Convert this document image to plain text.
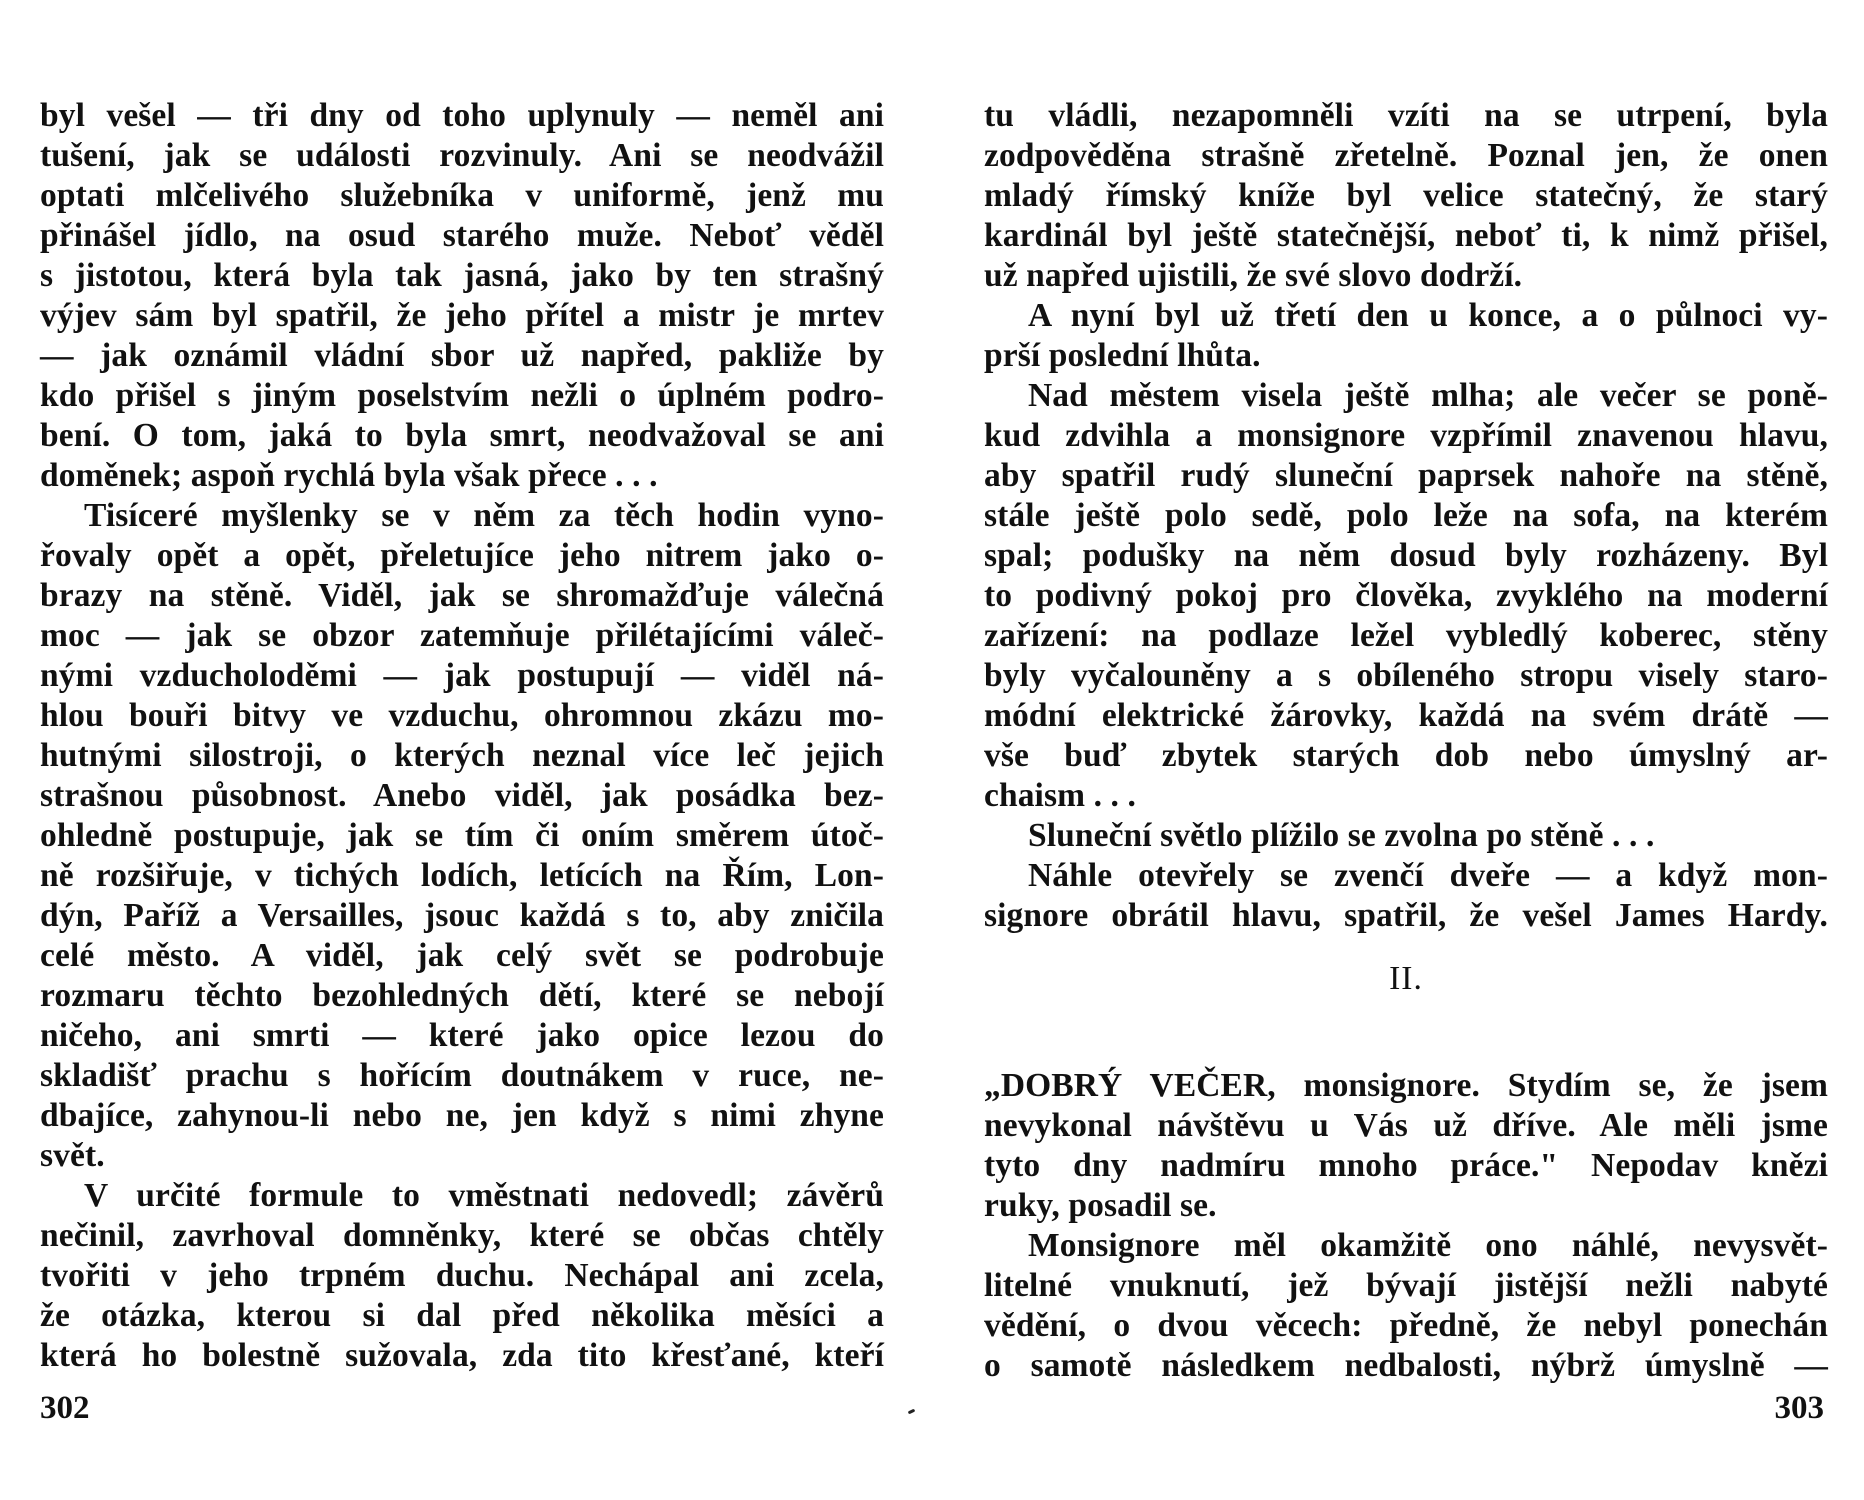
byl vešel — tři dny od toho uplynuly — neměl ani
tušení, jak se události rozvinuly. Ani se neodvážil
optati mlčelivého služebníka v uniformě, jenž mu
přinášel jídlo, na osud starého muže. Neboť věděl
s jistotou, která byla tak jasná, jako by ten strašný
výjev sám byl spatřil, že jeho přítel a mistr je mrtev
— jak oznámil vládní sbor už napřed, pakliže by
kdo přišel s jiným poselstvím nežli o úplném podro-
bení. O tom, jaká to byla smrt, neodvažoval se ani
doměnek; aspoň rychlá byla však přece . . .
Tisíceré myšlenky se v něm za těch hodin vyno-
řovaly opět a opět, přeletujíce jeho nitrem jako o-
brazy na stěně. Viděl, jak se shromažďuje válečná
moc — jak se obzor zatemňuje přilétajícími váleč-
nými vzducholoděmi — jak postupují — viděl ná-
hlou bouři bitvy ve vzduchu, ohromnou zkázu mo-
hutnými silostroji, o kterých neznal více leč jejich
strašnou působnost. Anebo viděl, jak posádka bez-
ohledně postupuje, jak se tím či oním směrem útoč-
ně rozšiřuje, v tichých lodích, letících na Řím, Lon-
dýn, Paříž a Versailles, jsouc každá s to, aby zničila
celé město. A viděl, jak celý svět se podrobuje
rozmaru těchto bezohledných dětí, které se nebojí
ničeho, ani smrti — které jako opice lezou do
skladišť prachu s hořícím doutnákem v ruce, ne-
dbajíce, zahynou-li nebo ne, jen když s nimi zhyne
svět.
V určité formule to vměstnati nedovedl; závěrů
nečinil, zavrhoval domněnky, které se občas chtěly
tvořiti v jeho trpném duchu. Nechápal ani zcela,
že otázka, kterou si dal před několika měsíci a
která ho bolestně sužovala, zda tito křesťané, kteří
302
tu vládli, nezapomněli vzíti na se utrpení, byla
zodpověděna strašně zřetelně. Poznal jen, že onen
mladý římský kníže byl velice statečný, že starý
kardinál byl ještě statečnější, neboť ti, k nimž přišel,
už napřed ujistili, že své slovo dodrží.
A nyní byl už třetí den u konce, a o půlnoci vy-
prší poslední lhůta.
Nad městem visela ještě mlha; ale večer se poně-
kud zdvihla a monsignore vzpřímil znavenou hlavu,
aby spatřil rudý sluneční paprsek nahoře na stěně,
stále ještě polo sedě, polo leže na sofa, na kterém
spal; podušky na něm dosud byly rozházeny. Byl
to podivný pokoj pro člověka, zvyklého na moderní
zařízení: na podlaze ležel vybledlý koberec, stěny
byly vyčalouněny a s obíleného stropu visely staro-
módní elektrické žárovky, každá na svém drátě —
vše buď zbytek starých dob nebo úmyslný ar-
chaism . . .
Sluneční světlo plížilo se zvolna po stěně . . .
Náhle otevřely se zvenčí dveře — a když mon-
signore obrátil hlavu, spatřil, že vešel James Hardy.
II.
„DOBRÝ VEČER, monsignore. Stydím se, že jsem
nevykonal návštěvu u Vás už dříve. Ale měli jsme
tyto dny nadmíru mnoho práce." Nepodav knězi
ruky, posadil se.
Monsignore měl okamžitě ono náhlé, nevysvět-
litelné vnuknutí, jež bývají jistější nežli nabyté
vědění, o dvou věcech: předně, že nebyl ponechán
o samotě následkem nedbalosti, nýbrž úmyslně —
303
